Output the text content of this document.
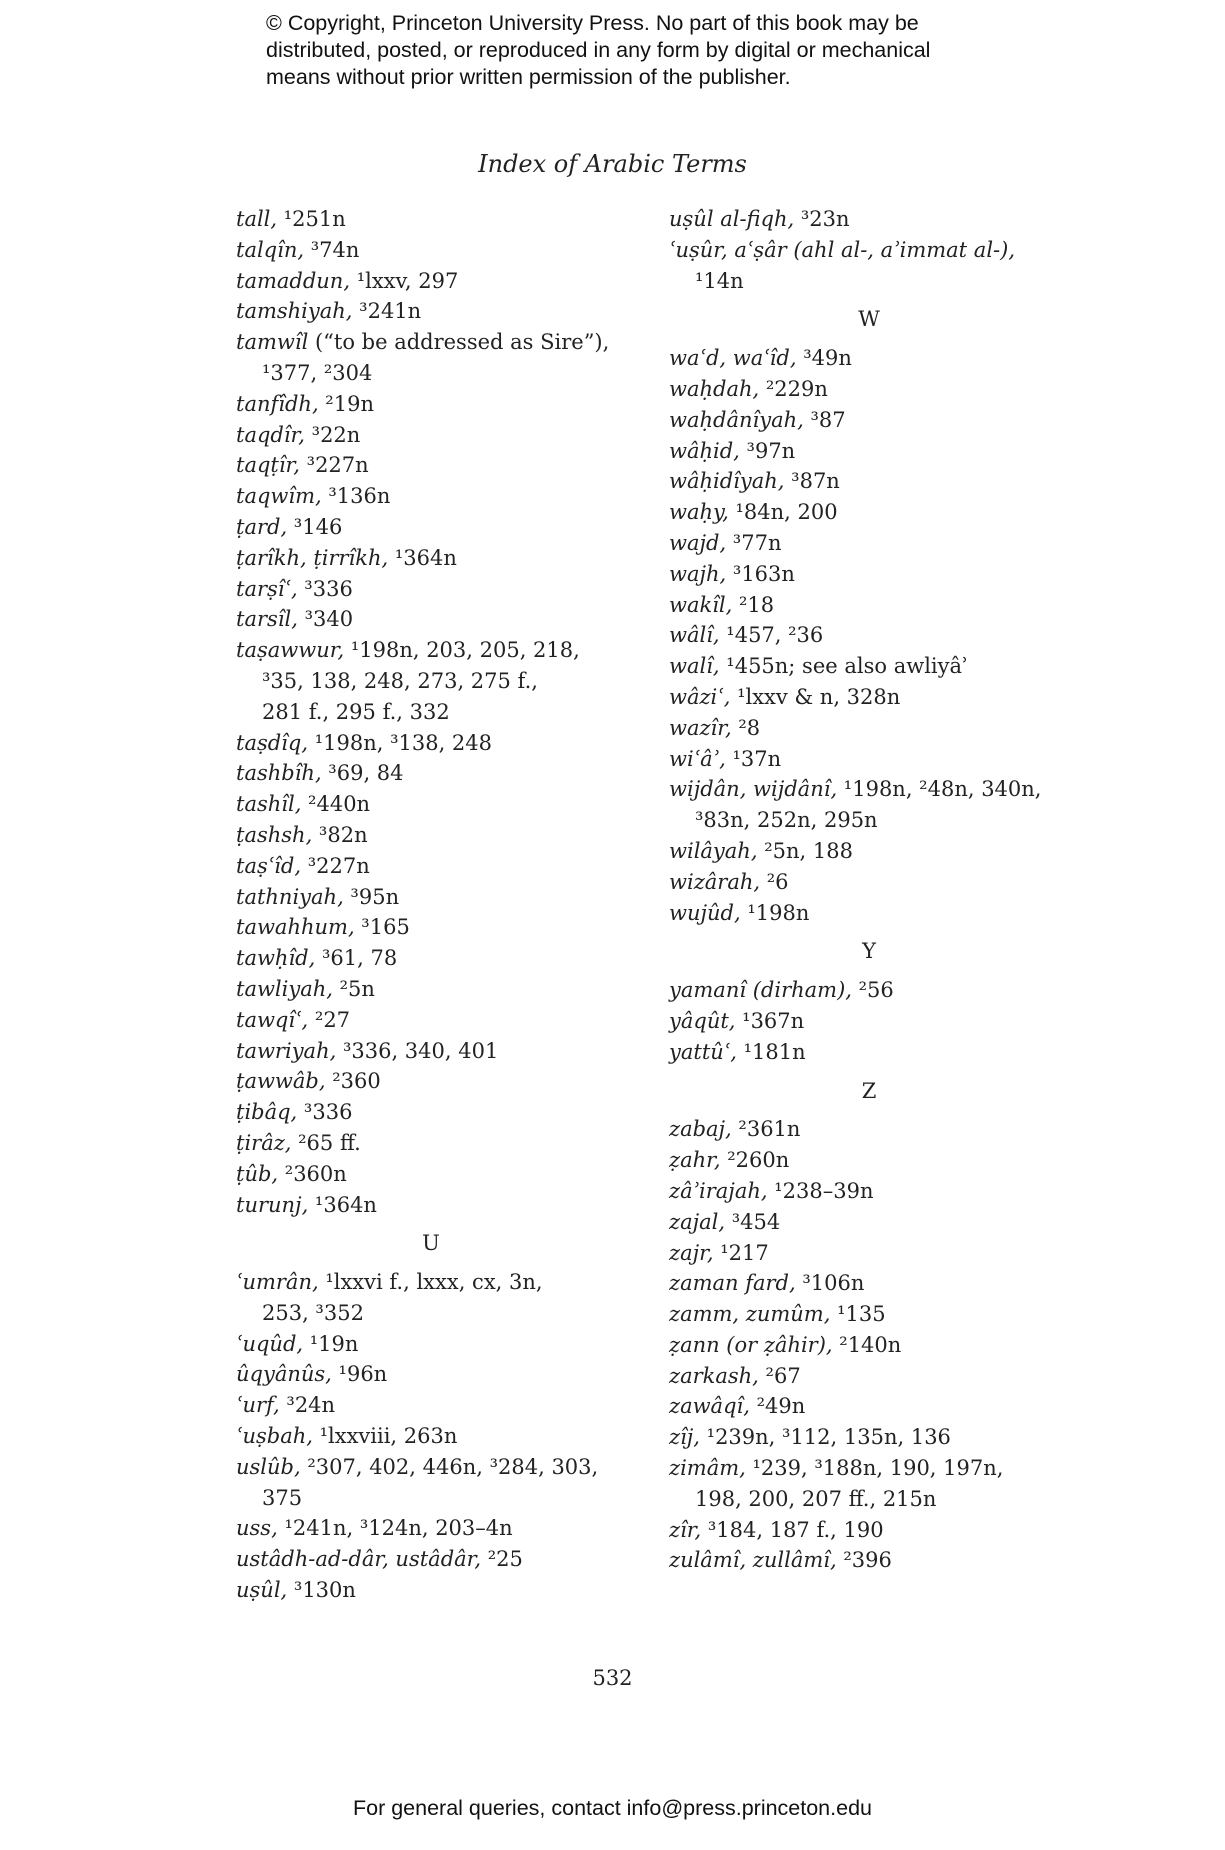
© Copyright, Princeton University Press. No part of this book may be

distributed, posted, or reproduced in any form by digital or mechanical

means without prior written permission of the publisher.

Index of Arabic Terms
tall, ¹251n
talqîn, ³74n
tamaddun, ¹lxxv, 297
tamshiyah, ³241n
tamwîl (“to be addressed as Sire”),
¹377, ²304
tanfîdh, ²19n
taqdîr, ³22n
taqṭîr, ³227n
taqwîm, ³136n
ṭard, ³146
ṭarîkh, ṭirrîkh, ¹364n
tarṣîʿ, ³336
tarsîl, ³340
taṣawwur, ¹198n, 203, 205, 218,
³35, 138, 248, 273, 275 f.,
281 f., 295 f., 332
taṣdîq, ¹198n, ³138, 248
tashbîh, ³69, 84
tashîl, ²440n
ṭashsh, ³82n
taṣʿîd, ³227n
tathniyah, ³95n
tawahhum, ³165
tawḥîd, ³61, 78
tawliyah, ²5n
tawqîʿ, ²27
tawriyah, ³336, 340, 401
ṭawwâb, ²360
ṭibâq, ³336
ṭirâz, ²65 ff.
ṭûb, ²360n
turunj, ¹364n
U
ʿumrân, ¹lxxvi f., lxxx, cx, 3n,
253, ³352
ʿuqûd, ¹19n
ûqyânûs, ¹96n
ʿurf, ³24n
ʿuṣbah, ¹lxxviii, 263n
uslûb, ²307, 402, 446n, ³284, 303,
375
uss, ¹241n, ³124n, 203–4n
ustâdh-ad-dâr, ustâdâr, ²25
uṣûl, ³130n
uṣûl al-fiqh, ³23n
ʿuṣûr, aʿṣâr (ahl al-, aʾimmat al-),
¹14n
W
waʿd, waʿîd, ³49n
waḥdah, ²229n
waḥdânîyah, ³87
wâḥid, ³97n
wâḥidîyah, ³87n
waḥy, ¹84n, 200
wajd, ³77n
wajh, ³163n
wakîl, ²18
wâlî, ¹457, ²36
walî, ¹455n; see also awliyâʾ
wâziʿ, ¹lxxv & n, 328n
wazîr, ²8
wiʿâʾ, ¹37n
wijdân, wijdânî, ¹198n, ²48n, 340n,
³83n, 252n, 295n
wilâyah, ²5n, 188
wizârah, ²6
wujûd, ¹198n
Y
yamanî (dirham), ²56
yâqût, ¹367n
yattûʿ, ¹181n
Z
zabaj, ²361n
ẓahr, ²260n
zâʾirajah, ¹238–39n
zajal, ³454
zajr, ¹217
zaman fard, ³106n
zamm, zumûm, ¹135
ẓann (or ẓâhir), ²140n
zarkash, ²67
zawâqî, ²49n
zîj, ¹239n, ³112, 135n, 136
zimâm, ¹239, ³188n, 190, 197n,
198, 200, 207 ff., 215n
zîr, ³184, 187 f., 190
zulâmî, zullâmî, ²396
532
For general queries, contact info@press.princeton.edu
